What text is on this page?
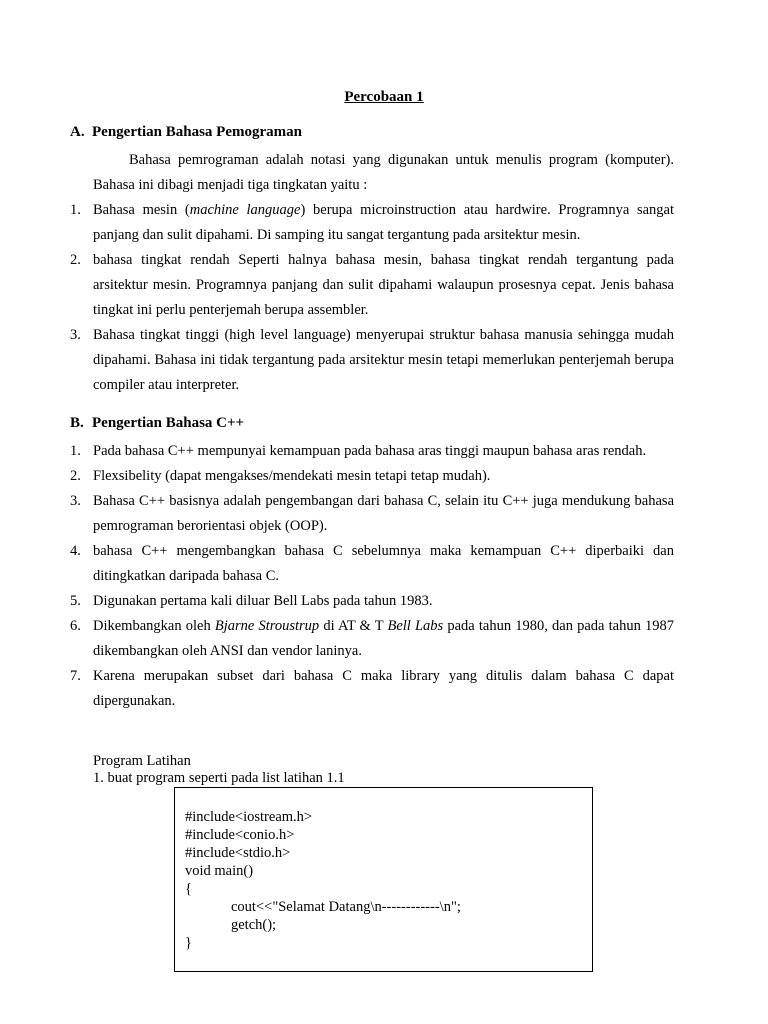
Percobaan 1
A. Pengertian Bahasa Pemograman
Bahasa pemrograman adalah notasi yang digunakan untuk menulis program (komputer). Bahasa ini dibagi menjadi tiga tingkatan yaitu :
1. Bahasa mesin (machine language) berupa microinstruction atau hardwire. Programnya sangat panjang dan sulit dipahami. Di samping itu sangat tergantung pada arsitektur mesin.
2. bahasa tingkat rendah Seperti halnya bahasa mesin, bahasa tingkat rendah tergantung pada arsitektur mesin. Programnya panjang dan sulit dipahami walaupun prosesnya cepat. Jenis bahasa tingkat ini perlu penterjemah berupa assembler.
3. Bahasa tingkat tinggi (high level language) menyerupai struktur bahasa manusia sehingga mudah dipahami. Bahasa ini tidak tergantung pada arsitektur mesin tetapi memerlukan penterjemah berupa compiler atau interpreter.
B. Pengertian Bahasa C++
1. Pada bahasa C++ mempunyai kemampuan pada bahasa aras tinggi maupun bahasa aras rendah.
2. Flexsibelity (dapat mengakses/mendekati mesin tetapi tetap mudah).
3. Bahasa C++ basisnya adalah pengembangan dari bahasa C, selain itu C++ juga mendukung bahasa pemrograman berorientasi objek (OOP).
4. bahasa C++ mengembangkan bahasa C sebelumnya maka kemampuan C++ diperbaiki dan ditingkatkan daripada bahasa C.
5. Digunakan pertama kali diluar Bell Labs pada tahun 1983.
6. Dikembangkan oleh Bjarne Stroustrup di AT & T Bell Labs pada tahun 1980, dan pada tahun 1987 dikembangkan oleh ANSI dan vendor laninya.
7. Karena merupakan subset dari bahasa C maka library yang ditulis dalam bahasa C dapat dipergunakan.
Program Latihan
1. buat program seperti pada list latihan 1.1
#include<iostream.h>
#include<conio.h>
#include<stdio.h>
void main()
{
cout<<"Selamat Datang\n------------\n";
getch();
}
